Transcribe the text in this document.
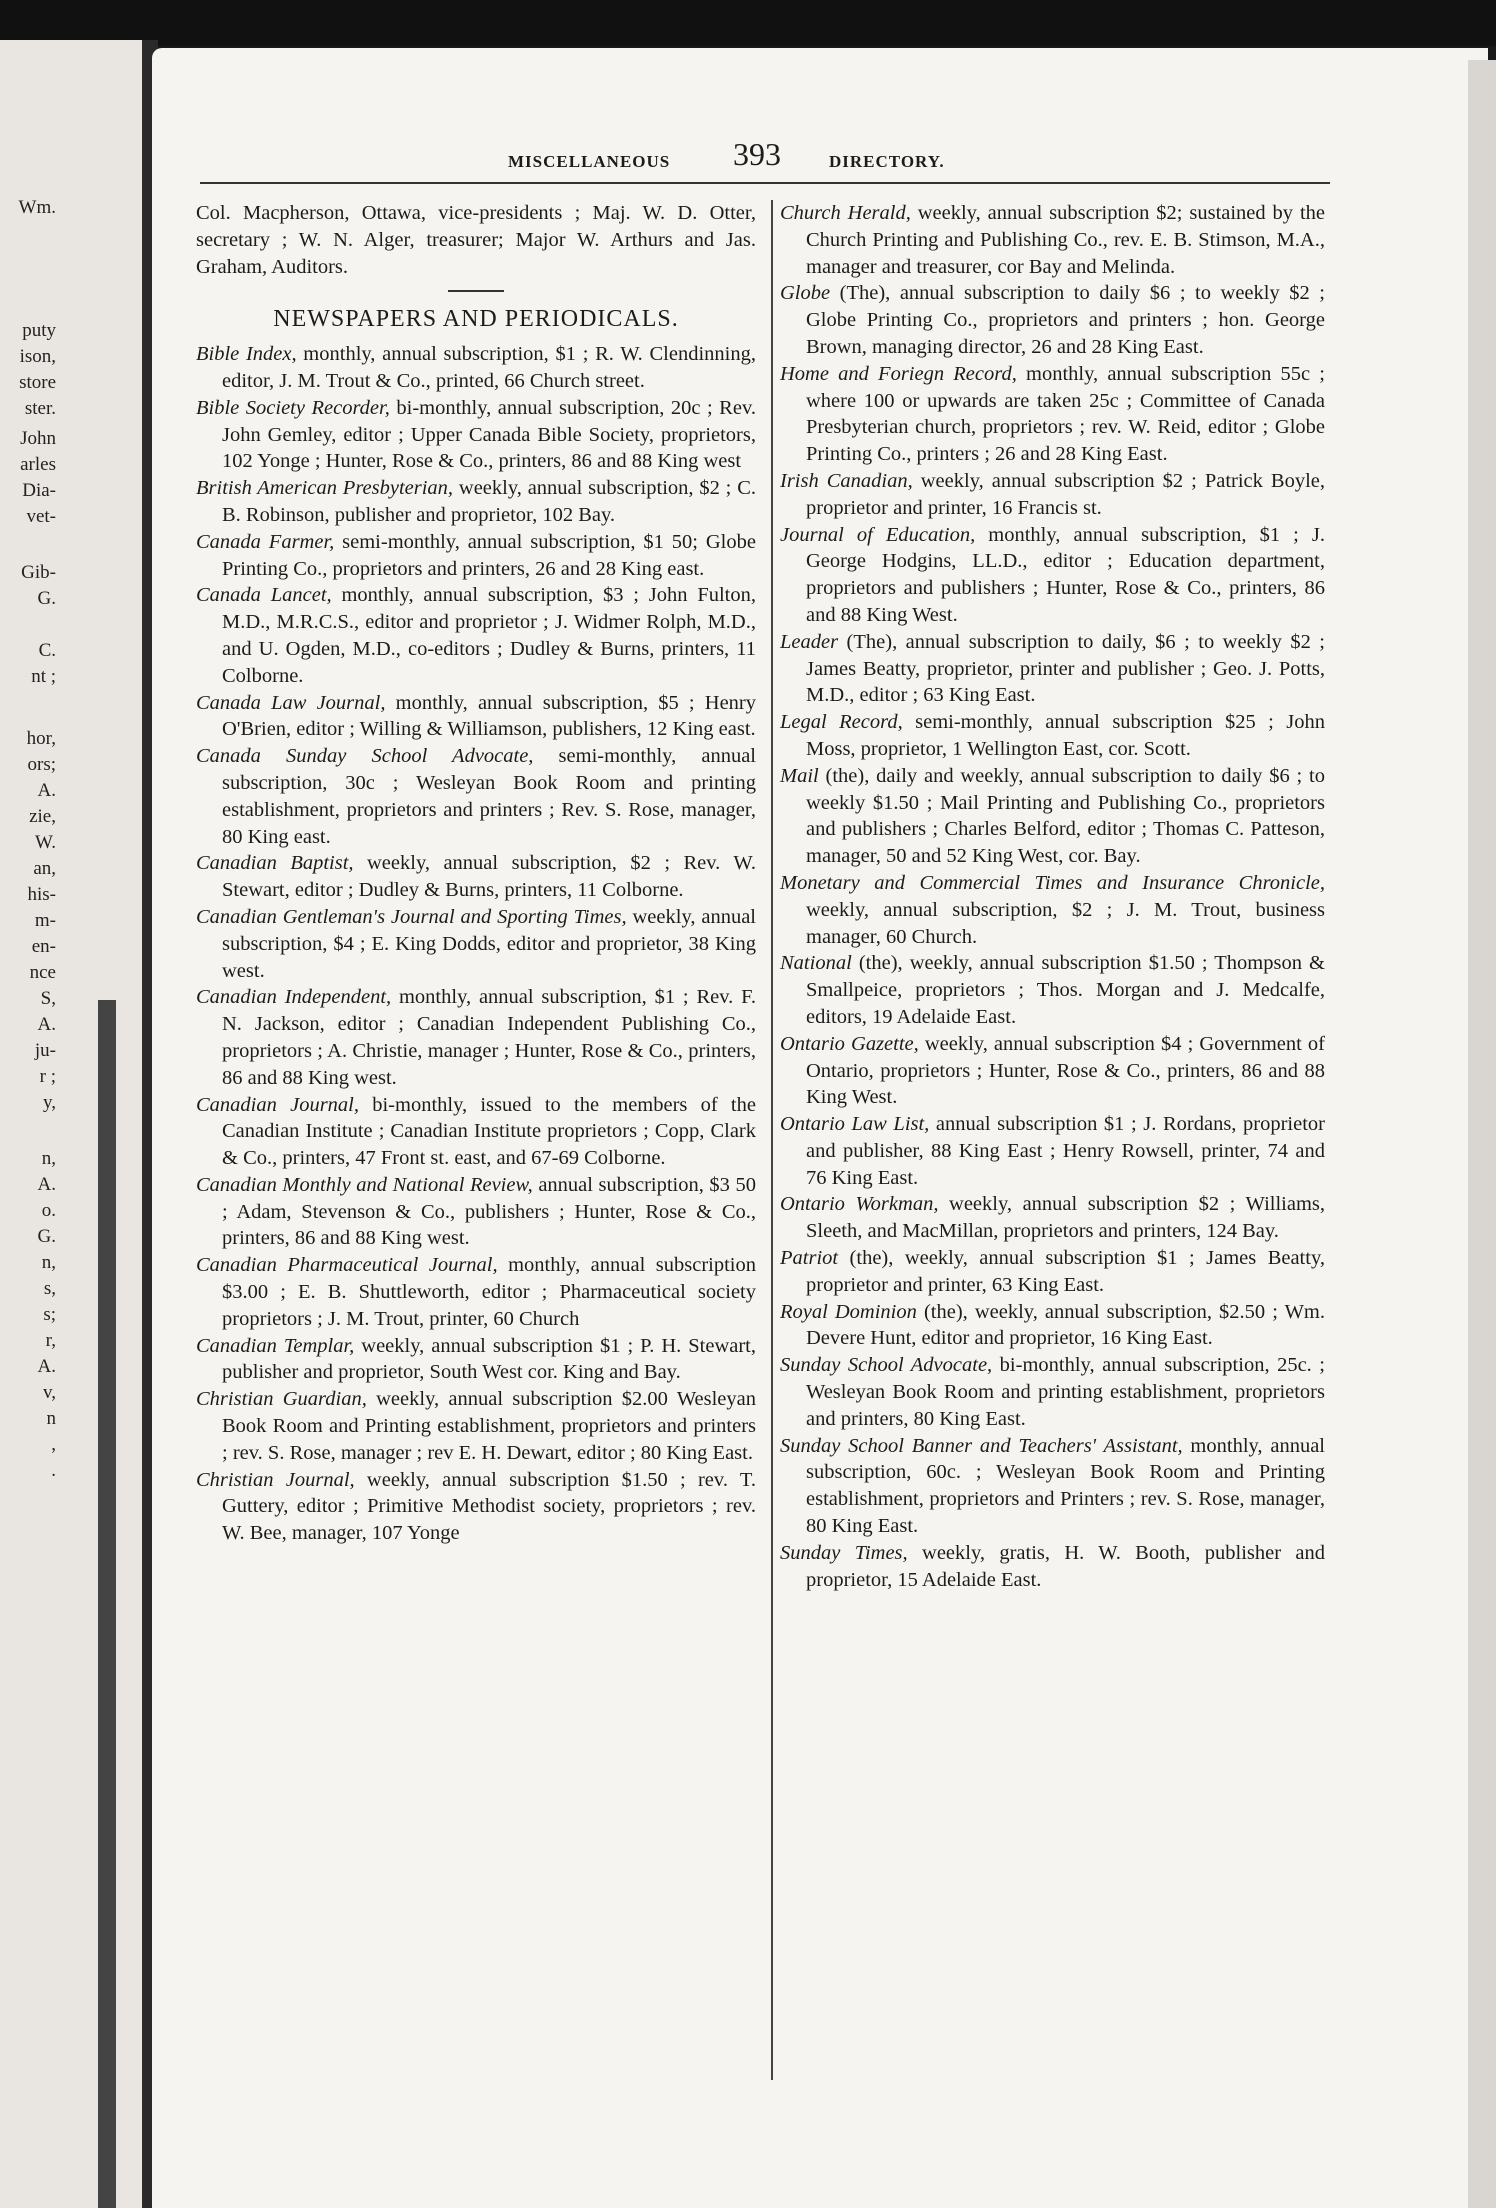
Wm.
puty
ison,
store
ster.
John
arles
Dia-
vet-
Gib-
G.
C.
nt ;
hor,
ors;
A.
zie,
W.
an,
his-
m-
en-
nce
S,
A.
ju-
r ;
y,
n,
A.
o.
G.
n,
s,
s;
r,
A.
v,
n
,
.
MISCELLANEOUS 393	DIRECTORY.

Col. Macpherson, Ottawa, vice-presidents ; Maj. W. D. Otter, secretary ; W. N. Alger, treasurer; Major W. Arthurs and Jas. Graham, Auditors.

NEWSPAPERS AND PERIODICALS.

Bible Index, monthly, annual subscription, $1 ; R. W. Clendinning, editor, J. M. Trout & Co., printed, 66 Church street.

Bible Society Recorder, bi-monthly, annual subscription, 20c ; Rev. John Gemley, editor ; Upper Canada Bible Society, proprietors, 102 Yonge ; Hunter, Rose & Co., printers, 86 and 88 King west

British American Presbyterian, weekly, annual subscription, $2 ; C. B. Robinson, publisher and proprietor, 102 Bay.

Canada Farmer, semi-monthly, annual subscription, $1 50; Globe Printing Co., proprietors and printers, 26 and 28 King east.

Canada Lancet, monthly, annual subscription, $3 ; John Fulton, M.D., M.R.C.S., editor and proprietor ; J. Widmer Rolph, M.D., and U. Ogden, M.D., co-editors ; Dudley & Burns, printers, 11 Colborne.

Canada Law Journal, monthly, annual subscription, $5 ; Henry O'Brien, editor ; Willing & Williamson, publishers, 12 King east.

Canada Sunday School Advocate, semi-monthly, annual subscription, 30c ; Wesleyan Book Room and printing establishment, proprietors and printers ; Rev. S. Rose, manager, 80 King east.

Canadian Baptist, weekly, annual subscription, $2 ; Rev. W. Stewart, editor ; Dudley & Burns, printers, 11 Colborne.

Canadian Gentleman's Journal and Sporting Times, weekly, annual subscription, $4 ; E. King Dodds, editor and proprietor, 38 King west.

Canadian Independent, monthly, annual subscription, $1 ; Rev. F. N. Jackson, editor ; Canadian Independent Publishing Co., proprietors ; A. Christie, manager ; Hunter, Rose & Co., printers, 86 and 88 King west.

Canadian Journal, bi-monthly, issued to the members of the Canadian Institute ; Canadian Institute proprietors ; Copp, Clark & Co., printers, 47 Front st. east, and 67-69 Colborne.

Canadian Monthly and National Review, annual subscription, $3 50 ; Adam, Stevenson & Co., publishers ; Hunter, Rose & Co., printers, 86 and 88 King west.

Canadian Pharmaceutical Journal, monthly, annual subscription $3.00 ; E. B. Shuttleworth, editor ; Pharmaceutical society proprietors ; J. M. Trout, printer, 60 Church

Canadian Templar, weekly, annual subscription $1 ; P. H. Stewart, publisher and proprietor, South West cor. King and Bay.

Christian Guardian, weekly, annual subscription $2.00 Wesleyan Book Room and Printing establishment, proprietors and printers ; rev. S. Rose, manager ; rev E. H. Dewart, editor ; 80 King East.

Christian Journal, weekly, annual subscription $1.50 ; rev. T. Guttery, editor ; Primitive Methodist society, proprietors ; rev. W. Bee, manager, 107 Yonge

Church Herald, weekly, annual subscription $2; sustained by the Church Printing and Publishing Co., rev. E. B. Stimson, M.A., manager and treasurer, cor Bay and Melinda.

Globe (The), annual subscription to daily $6 ; to weekly $2 ; Globe Printing Co., proprietors and printers ; hon. George Brown, managing director, 26 and 28 King East.

Home and Foriegn Record, monthly, annual subscription 55c ; where 100 or upwards are taken 25c ; Committee of Canada Presbyterian church, proprietors ; rev. W. Reid, editor ; Globe Printing Co., printers ; 26 and 28 King East.

Irish Canadian, weekly, annual subscription $2 ; Patrick Boyle, proprietor and printer, 16 Francis st.

Journal of Education, monthly, annual subscription, $1 ; J. George Hodgins, LL.D., editor ; Education department, proprietors and publishers ; Hunter, Rose & Co., printers, 86 and 88 King West.

Leader (The), annual subscription to daily, $6 ; to weekly $2 ; James Beatty, proprietor, printer and publisher ; Geo. J. Potts, M.D., editor ; 63 King East.

Legal Record, semi-monthly, annual subscription $25 ; John Moss, proprietor, 1 Wellington East, cor. Scott.

Mail (the), daily and weekly, annual subscription to daily $6 ; to weekly $1.50 ; Mail Printing and Publishing Co., proprietors and publishers ; Charles Belford, editor ; Thomas C. Patteson, manager, 50 and 52 King West, cor. Bay.

Monetary and Commercial Times and Insurance Chronicle, weekly, annual subscription, $2 ; J. M. Trout, business manager, 60 Church.

National (the), weekly, annual subscription $1.50 ; Thompson & Smallpeice, proprietors ; Thos. Morgan and J. Medcalfe, editors, 19 Adelaide East.

Ontario Gazette, weekly, annual subscription $4 ; Government of Ontario, proprietors ; Hunter, Rose & Co., printers, 86 and 88 King West.

Ontario Law List, annual subscription $1 ; J. Rordans, proprietor and publisher, 88 King East ; Henry Rowsell, printer, 74 and 76 King East.

Ontario Workman, weekly, annual subscription $2 ; Williams, Sleeth, and MacMillan, proprietors and printers, 124 Bay.

Patriot (the), weekly, annual subscription $1 ; James Beatty, proprietor and printer, 63 King East.

Royal Dominion (the), weekly, annual subscription, $2.50 ; Wm. Devere Hunt, editor and proprietor, 16 King East.

Sunday School Advocate, bi-monthly, annual subscription, 25c. ; Wesleyan Book Room and printing establishment, proprietors and printers, 80 King East.

Sunday School Banner and Teachers' Assistant, monthly, annual subscription, 60c. ; Wesleyan Book Room and Printing establishment, proprietors and Printers ; rev. S. Rose, manager, 80 King East.

Sunday Times, weekly, gratis, H. W. Booth, publisher and proprietor, 15 Adelaide East.
